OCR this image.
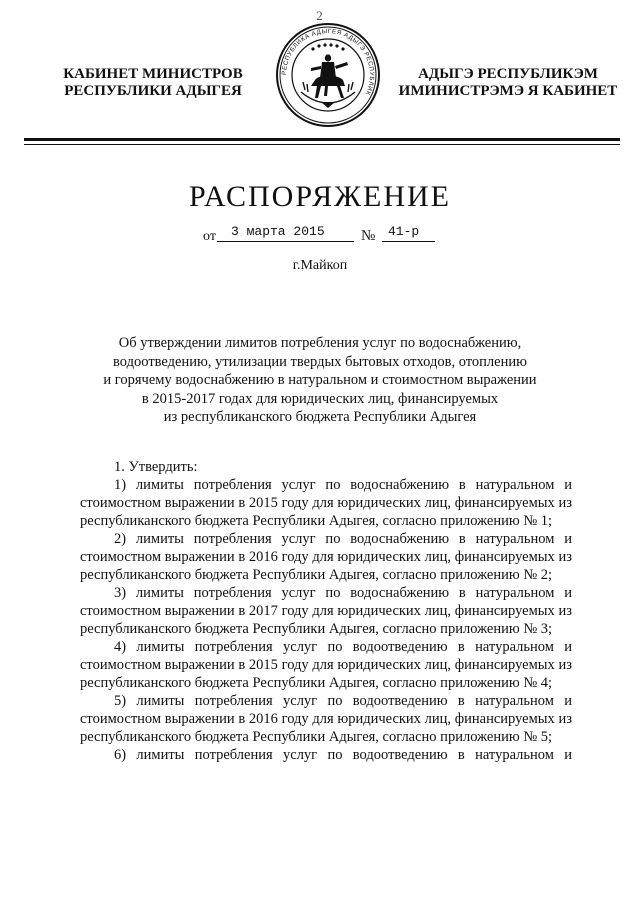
2
КАБИНЕТ МИНИСТРОВ
РЕСПУБЛИКИ АДЫГЕЯ
РЕСПУБЛИКА АДЫГЕЯ АДЫГЭ РЕСПУБЛИК
АДЫГЭ РЕСПУБЛИКЭМ
ИМИНИСТРЭМЭ Я КАБИНЕТ
РАСПОРЯЖЕНИЕ
от 3 марта 2015 № 41-р
г.Майкоп
Об утверждении лимитов потребления услуг по водоснабжению,
водоотведению, утилизации твердых бытовых отходов, отоплению
и горячему водоснабжению в натуральном и стоимостном выражении
в 2015-2017 годах для юридических лиц, финансируемых
из республиканского бюджета Республики Адыгея

1. Утвердить:

1) лимиты потребления услуг по водоснабжению в натуральном и стоимостном выражении в 2015 году для юридических лиц, финансируемых из республиканского бюджета Республики Адыгея, согласно приложению № 1;

2) лимиты потребления услуг по водоснабжению в натуральном и стоимостном выражении в 2016 году для юридических лиц, финансируемых из республиканского бюджета Республики Адыгея, согласно приложению № 2;

3) лимиты потребления услуг по водоснабжению в натуральном и стоимостном выражении в 2017 году для юридических лиц, финансируемых из республиканского бюджета Республики Адыгея, согласно приложению № 3;

4) лимиты потребления услуг по водоотведению в натуральном и стоимостном выражении в 2015 году для юридических лиц, финансируемых из республиканского бюджета Республики Адыгея, согласно приложению № 4;

5) лимиты потребления услуг по водоотведению в натуральном и стоимостном выражении в 2016 году для юридических лиц, финансируемых из республиканского бюджета Республики Адыгея, согласно приложению № 5;

6) лимиты потребления услуг по водоотведению в натуральном и
